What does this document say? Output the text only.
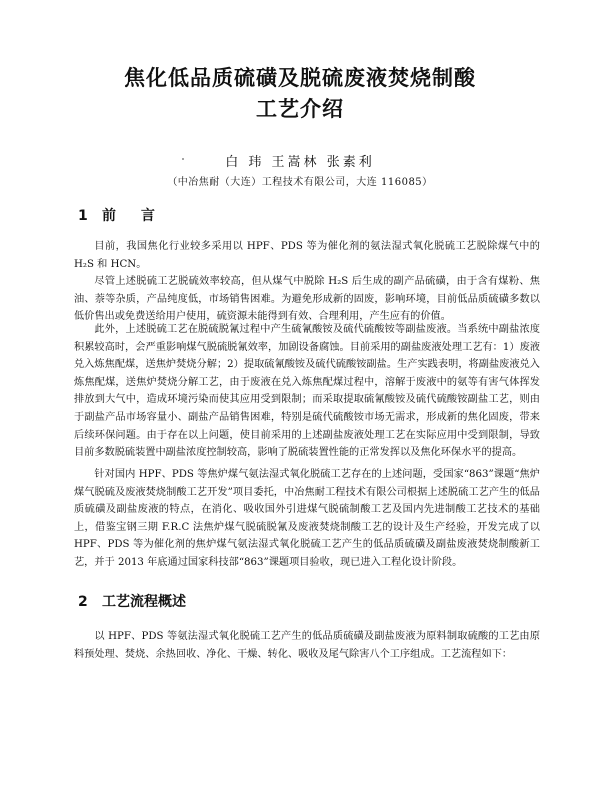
焦化低品质硫磺及脱硫废液焚烧制酸
工艺介绍
白 玮 王嵩林 张素利
（中冶焦耐（大连）工程技术有限公司，大连 116085）
1 前 言

目前，我国焦化行业较多采用以 HPF、PDS 等为催化剂的氨法湿式氧化脱硫工艺脱除煤气中的 H₂S 和 HCN。

尽管上述脱硫工艺脱硫效率较高，但从煤气中脱除 H₂S 后生成的副产品硫磺，由于含有煤粉、焦油、萘等杂质，产品纯度低，市场销售困难。为避免形成新的固废，影响环境，目前低品质硫磺多数以低价售出或免费送给用户使用，硫资源未能得到有效、合理利用，产生应有的价值。

此外，上述脱硫工艺在脱硫脱氰过程中产生硫氰酸铵及硫代硫酸铵等副盐废液。当系统中副盐浓度积累较高时，会严重影响煤气脱硫脱氰效率，加剧设备腐蚀。目前采用的副盐废液处理工艺有：1）废液兑入炼焦配煤，送焦炉焚烧分解；2）提取硫氰酸铵及硫代硫酸铵副盐。生产实践表明，将副盐废液兑入炼焦配煤，送焦炉焚烧分解工艺，由于废液在兑入炼焦配煤过程中，溶解于废液中的氨等有害气体挥发排放到大气中，造成环境污染而使其应用受到限制；而采取提取硫氰酸铵及硫代硫酸铵副盐工艺，则由于副盐产品市场容量小、副盐产品销售困难，特别是硫代硫酸铵市场无需求，形成新的焦化固废，带来后续环保问题。由于存在以上问题，使目前采用的上述副盐废液处理工艺在实际应用中受到限制，导致目前多数脱硫装置中副盐浓度控制较高，影响了脱硫装置性能的正常发挥以及焦化环保水平的提高。

针对国内 HPF、PDS 等焦炉煤气氨法湿式氧化脱硫工艺存在的上述问题，受国家“863”课题“焦炉煤气脱硫及废液焚烧制酸工艺开发”项目委托，中冶焦耐工程技术有限公司根据上述脱硫工艺产生的低品质硫磺及副盐废液的特点，在消化、吸收国外引进煤气脱硫制酸工艺及国内先进制酸工艺技术的基础上，借鉴宝钢三期 F.R.C 法焦炉煤气脱硫脱氰及废液焚烧制酸工艺的设计及生产经验，开发完成了以 HPF、PDS 等为催化剂的焦炉煤气氨法湿式氧化脱硫工艺产生的低品质硫磺及副盐废液焚烧制酸新工艺，并于 2013 年底通过国家科技部“863”课题项目验收，现已进入工程化设计阶段。

2 工艺流程概述

以 HPF、PDS 等氨法湿式氧化脱硫工艺产生的低品质硫磺及副盐废液为原料制取硫酸的工艺由原料预处理、焚烧、余热回收、净化、干燥、转化、吸收及尾气除害八个工序组成。工艺流程如下：
